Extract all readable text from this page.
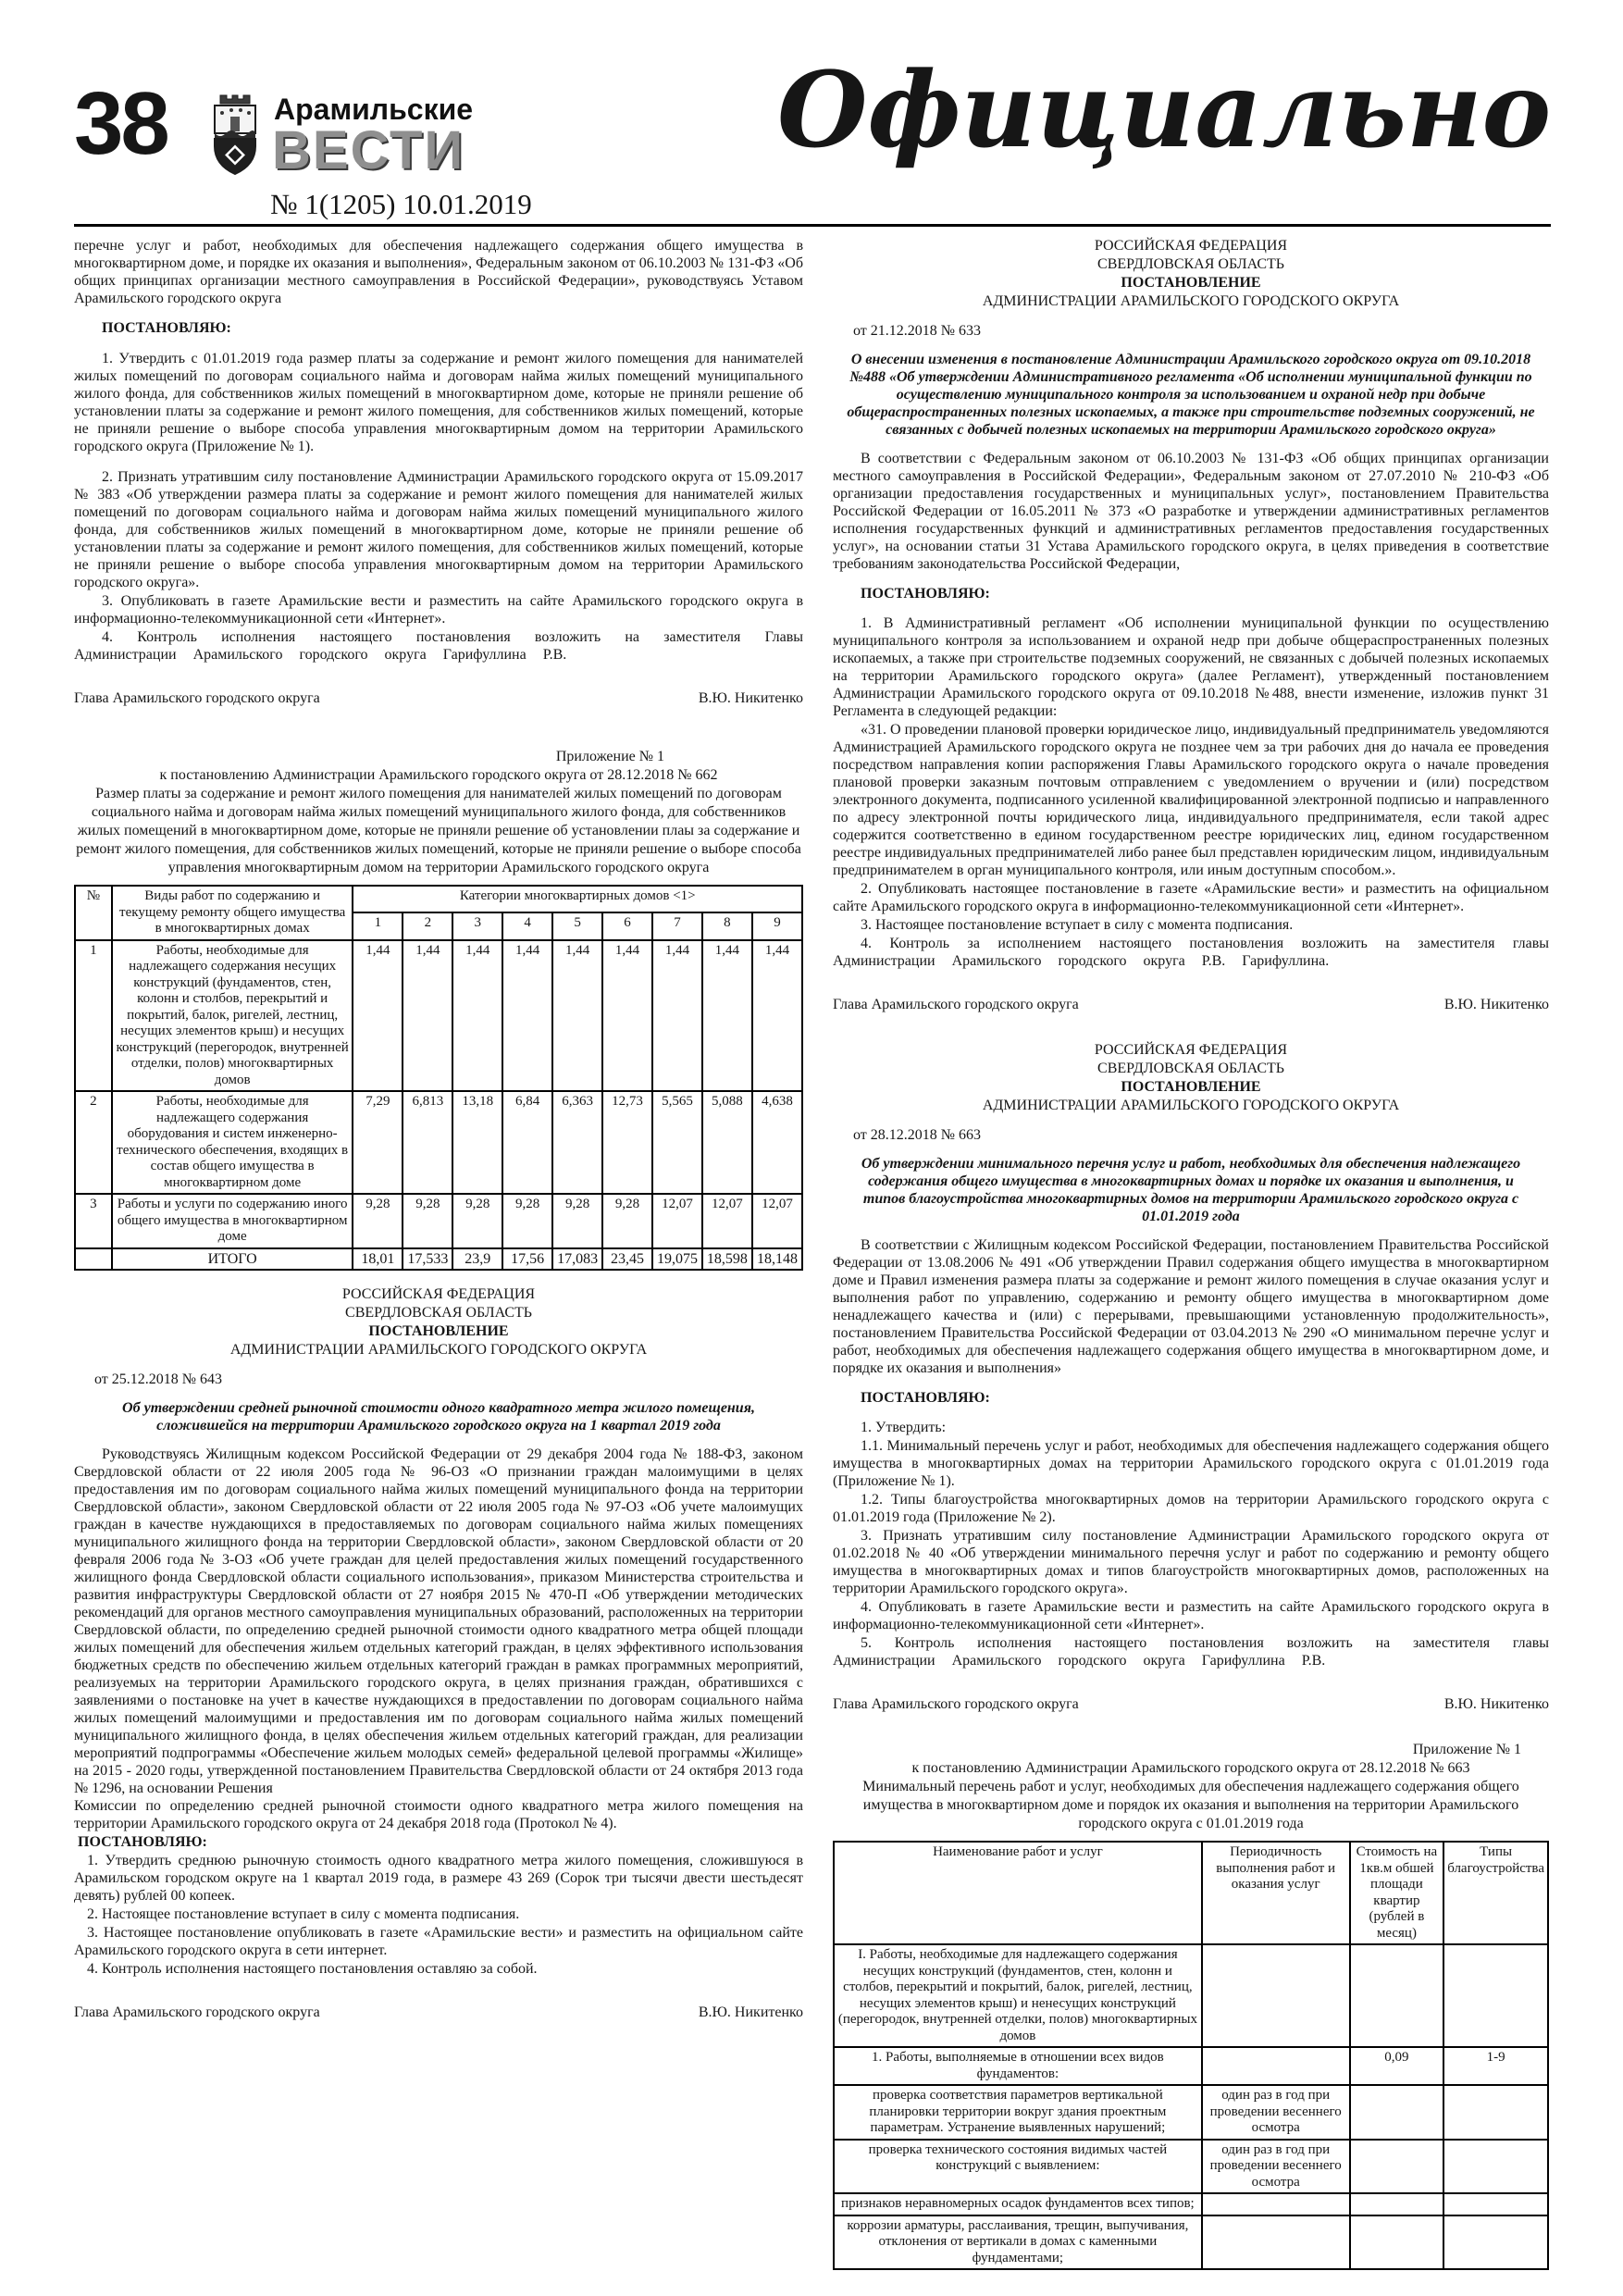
38	Арамильские
ВЕСТИ
№ 1(1205) 10.01.2019
Официально

перечне услуг и работ, необходимых для обеспечения надлежащего содержания общего имущества в многоквартирном доме, и порядке их оказания и выполнения», Федеральным законом от 06.10.2003 № 131-ФЗ «Об общих принципах организации местного самоуправления в Российской Федерации», руководствуясь Уставом Арамильского городского округа

ПОСТАНОВЛЯЮ:

1. Утвердить с 01.01.2019 года размер платы за содержание и ремонт жилого помещения для нанимателей жилых помещений по договорам социального найма и договорам найма жилых помещений муниципального жилого фонда, для собственников жилых помещений в многоквартирном доме, которые не приняли решение об установлении платы за содержание и ремонт жилого помещения, для собственников жилых помещений, которые не приняли решение о выборе способа управления многоквартирным домом на территории Арамильского городского округа (Приложение № 1).

2. Признать утратившим силу постановление Администрации Арамильского городского округа от 15.09.2017 № 383 «Об утверждении размера платы за содержание и ремонт жилого помещения для нанимателей жилых помещений по договорам социального найма и договорам найма жилых помещений муниципального жилого фонда, для собственников жилых помещений в многоквартирном доме, которые не приняли решение об установлении платы за содержание и ремонт жилого помещения, для собственников жилых помещений, которые не приняли решение о выборе способа управления многоквартирным домом на территории Арамильского городского округа».

3. Опубликовать в газете Арамильские вести и разместить на сайте Арамильского городского округа в информационно-телекоммуникационной сети «Интернет».

4. Контроль исполнения настоящего постановления возложить на заместителя Главы Администрации Арамильского городского округа Гарифуллина Р.В.

Глава Арамильского городского округа	В.Ю. Никитенко
Приложение № 1
к постановлению Администрации Арамильского городского округа от 28.12.2018 № 662
Размер платы за содержание и ремонт жилого помещения для нанимателей жилых помещений по договорам социального найма и договорам найма жилых помещений муниципального жилого фонда, для собственников жилых помещений в многоквартирном доме, которые не приняли решение об установлении плаы за содержание и ремонт жилого помещения, для собственников жилых помещений, которые не приняли решение о выборе способа управления многоквартирным домом на территории Арамильского городского округа
№	Виды работ по содержанию и текущему ремонту общего имущества в многоквартирных домах	Категории многоквартирных домов <1>								
		1	2	3	4	5	6	7	8	9
1	Работы, необходимые для надлежащего содержания несущих конструкций (фундаментов, стен, колонн и столбов, перекрытий и покрытий, балок, ригелей, лестниц, несущих элементов крыш) и несущих конструкций (перегородок, внутренней отделки, полов) многоквартирных домов	1,44	1,44	1,44	1,44	1,44	1,44	1,44	1,44	1,44
2	Работы, необходимые для надлежащего содержания оборудования и систем инженерно-технического обеспечения, входящих в состав общего имущества в многоквартирном доме	7,29	6,813	13,18	6,84	6,363	12,73	5,565	5,088	4,638
3	Работы и услуги по содержанию иного общего имущества в многоквартирном доме	9,28	9,28	9,28	9,28	9,28	9,28	12,07	12,07	12,07
	ИТОГО	18,01	17,533	23,9	17,56	17,083	23,45	19,075	18,598	18,148
РОССИЙСКАЯ ФЕДЕРАЦИЯ
СВЕРДЛОВСКАЯ ОБЛАСТЬ
ПОСТАНОВЛЕНИЕ
АДМИНИСТРАЦИИ АРАМИЛЬСКОГО ГОРОДСКОГО ОКРУГА

от 25.12.2018 № 643

Об утверждении средней рыночной стоимости одного квадратного метра жилого помещения, сложившейся на территории Арамильского городского округа на 1 квартал 2019 года

Руководствуясь Жилищным кодексом Российской Федерации от 29 декабря 2004 года № 188-ФЗ, законом Свердловской области от 22 июля 2005 года № 96-ОЗ «О признании граждан малоимущими в целях предоставления им по договорам социального найма жилых помещений муниципального фонда на территории Свердловской области», законом Свердловской области от 22 июля 2005 года № 97-ОЗ «Об учете малоимущих граждан в качестве нуждающихся в предоставляемых по договорам социального найма жилых помещениях муниципального жилищного фонда на территории Свердловской области», законом Свердловской области от 20 февраля 2006 года № 3-ОЗ «Об учете граждан для целей предоставления жилых помещений государственного жилищного фонда Свердловской области социального использования», приказом Министерства строительства и развития инфраструктуры Свердловской области от 27 ноября 2015 № 470-П «Об утверждении методических рекомендаций для органов местного самоуправления муниципальных образований, расположенных на территории Свердловской области, по определению средней рыночной стоимости одного квадратного метра общей площади жилых помещений для обеспечения жильем отдельных категорий граждан, в целях эффективного использования бюджетных средств по обеспечению жильем отдельных категорий граждан в рамках программных мероприятий, реализуемых на территории Арамильского городского округа, в целях признания граждан, обратившихся с заявлениями о постановке на учет в качестве нуждающихся в предоставлении по договорам социального найма жилых помещений малоимущими и предоставления им по договорам социального найма жилых помещений муниципального жилищного фонда, в целях обеспечения жильем отдельных категорий граждан, для реализации мероприятий подпрограммы «Обеспечение жильем молодых семей» федеральной целевой программы «Жилище» на 2015 - 2020 годы, утвержденной постановлением Правительства Свердловской области от 24 октября 2013 года № 1296, на основании Решения

Комиссии по определению средней рыночной стоимости одного квадратного метра жилого помещения на территории Арамильского городского округа от 24 декабря 2018 года (Протокол № 4).

ПОСТАНОВЛЯЮ:

1. Утвердить среднюю рыночную стоимость одного квадратного метра жилого помещения, сложившуюся в Арамильском городском округе на 1 квартал 2019 года, в размере 43 269 (Сорок три тысячи двести шестьдесят девять) рублей 00 копеек.

2. Настоящее постановление вступает в силу с момента подписания.

3. Настоящее постановление опубликовать в газете «Арамильские вести» и разместить на официальном сайте Арамильского городского округа в сети интернет.

4. Контроль исполнения настоящего постановления оставляю за собой.

Глава Арамильского городского округа	В.Ю. Никитенко
РОССИЙСКАЯ ФЕДЕРАЦИЯ
СВЕРДЛОВСКАЯ ОБЛАСТЬ
ПОСТАНОВЛЕНИЕ
АДМИНИСТРАЦИИ АРАМИЛЬСКОГО ГОРОДСКОГО ОКРУГА

от 21.12.2018 № 633

О внесении изменения в постановление Администрации Арамильского городского округа от 09.10.2018 №488 «Об утверждении Административного регламента «Об исполнении муниципальной функции по осуществлению муниципального контроля за использованием и охраной недр при добыче общераспространенных полезных ископаемых, а также при строительстве подземных сооружений, не связанных с добычей полезных ископаемых на территории Арамильского городского округа»

В соответствии с Федеральным законом от 06.10.2003 № 131-ФЗ «Об общих принципах организации местного самоуправления в Российской Федерации», Федеральным законом от 27.07.2010 № 210-ФЗ «Об организации предоставления государственных и муниципальных услуг», постановлением Правительства Российской Федерации от 16.05.2011 № 373 «О разработке и утверждении административных регламентов исполнения государственных функций и административных регламентов предоставления государственных услуг», на основании статьи 31 Устава Арамильского городского округа, в целях приведения в соответствие требованиям законодательства Российской Федерации,

ПОСТАНОВЛЯЮ:

1. В Административный регламент «Об исполнении муниципальной функции по осуществлению муниципального контроля за использованием и охраной недр при добыче общераспространенных полезных ископаемых, а также при строительстве подземных сооружений, не связанных с добычей полезных ископаемых на территории Арамильского городского округа» (далее Регламент), утвержденный постановлением Администрации Арамильского городского округа от 09.10.2018 №488, внести изменение, изложив пункт 31 Регламента в следующей редакции:

«31. О проведении плановой проверки юридическое лицо, индивидуальный предприниматель уведомляются Администрацией Арамильского городского округа не позднее чем за три рабочих дня до начала ее проведения посредством направления копии распоряжения Главы Арамильского городского округа о начале проведения плановой проверки заказным почтовым отправлением с уведомлением о вручении и (или) посредством электронного документа, подписанного усиленной квалифицированной электронной подписью и направленного по адресу электронной почты юридического лица, индивидуального предпринимателя, если такой адрес содержится соответственно в едином государственном реестре юридических лиц, едином государственном реестре индивидуальных предпринимателей либо ранее был представлен юридическим лицом, индивидуальным предпринимателем в орган муниципального контроля, или иным доступным способом.».

2. Опубликовать настоящее постановление в газете «Арамильские вести» и разместить на официальном сайте Арамильского городского округа в информационно-телекоммуникационной сети «Интернет».

3. Настоящее постановление вступает в силу с момента подписания.

4. Контроль за исполнением настоящего постановления возложить на заместителя главы Администрации Арамильского городского округа Р.В. Гарифуллина.

Глава Арамильского городского округа	В.Ю. Никитенко
РОССИЙСКАЯ ФЕДЕРАЦИЯ
СВЕРДЛОВСКАЯ ОБЛАСТЬ
ПОСТАНОВЛЕНИЕ
АДМИНИСТРАЦИИ АРАМИЛЬСКОГО ГОРОДСКОГО ОКРУГА

от 28.12.2018 № 663

Об утверждении минимального перечня услуг и работ, необходимых для обеспечения надлежащего содержания общего имущества в многоквартирных домах и порядке их оказания и выполнения, и типов благоустройства многоквартирных домов на территории Арамильского городского округа с 01.01.2019 года

В соответствии с Жилищным кодексом Российской Федерации, постановлением Правительства Российской Федерации от 13.08.2006 № 491 «Об утверждении Правил содержания общего имущества в многоквартирном доме и Правил изменения размера платы за содержание и ремонт жилого помещения в случае оказания услуг и выполнения работ по управлению, содержанию и ремонту общего имущества в многоквартирном доме ненадлежащего качества и (или) с перерывами, превышающими установленную продолжительность», постановлением Правительства Российской Федерации от 03.04.2013 № 290 «О минимальном перечне услуг и работ, необходимых для обеспечения надлежащего содержания общего имущества в многоквартирном доме, и порядке их оказания и выполнения»

ПОСТАНОВЛЯЮ:

1. Утвердить:

1.1. Минимальный перечень услуг и работ, необходимых для обеспечения надлежащего содержания общего имущества в многоквартирных домах на территории Арамильского городского округа с 01.01.2019 года (Приложение № 1).

1.2. Типы благоустройства многоквартирных домов на территории Арамильского городского округа с 01.01.2019 года (Приложение № 2).

3. Признать утратившим силу постановление Администрации Арамильского городского округа от 01.02.2018 № 40 «Об утверждении минимального перечня услуг и работ по содержанию и ремонту общего имущества в многоквартирных домах и типов благоустройств многоквартирных домов, расположенных на территории Арамильского городского округа».

4. Опубликовать в газете Арамильские вести и разместить на сайте Арамильского городского округа в информационно-телекоммуникационной сети «Интернет».

5. Контроль исполнения настоящего постановления возложить на заместителя главы Администрации Арамильского городского округа Гарифуллина Р.В.

Глава Арамильского городского округа	В.Ю. Никитенко
Приложение № 1
к постановлению Администрации Арамильского городского округа от 28.12.2018 № 663
Минимальный перечень работ и услуг, необходимых для обеспечения надлежащего содержания общего имущества в многоквартирном доме и порядок их оказания и выполнения на территории Арамильского городского округа с 01.01.2019 года
Наименование работ и услуг	Периодичность выполнения работ и оказания услуг	Стоимость на 1кв.м обшей площади квартир (рублей в месяц)	Типы благоустройства
I. Работы, необходимые для надлежащего содержания несущих конструкций (фундаментов, стен, колонн и столбов, перекрытий и покрытий, балок, ригелей, лестниц, несущих элементов крыш) и ненесущих конструкций (перегородок, внутренней отделки, полов) многоквартирных домов			
1. Работы, выполняемые в отношении всех видов фундаментов:		0,09	1-9
проверка соответствия параметров вертикальной планировки территории вокруг здания проектным параметрам. Устранение выявленных нарушений;	один раз в год при проведении весеннего осмотра		
проверка технического состояния видимых частей конструкций с выявлением:	один раз в год при проведении весеннего осмотра		
признаков неравномерных осадок фундаментов всех типов;			
коррозии арматуры, расслаивания, трещин, выпучивания, отклонения от вертикали в домах с каменными фундаментами;			
